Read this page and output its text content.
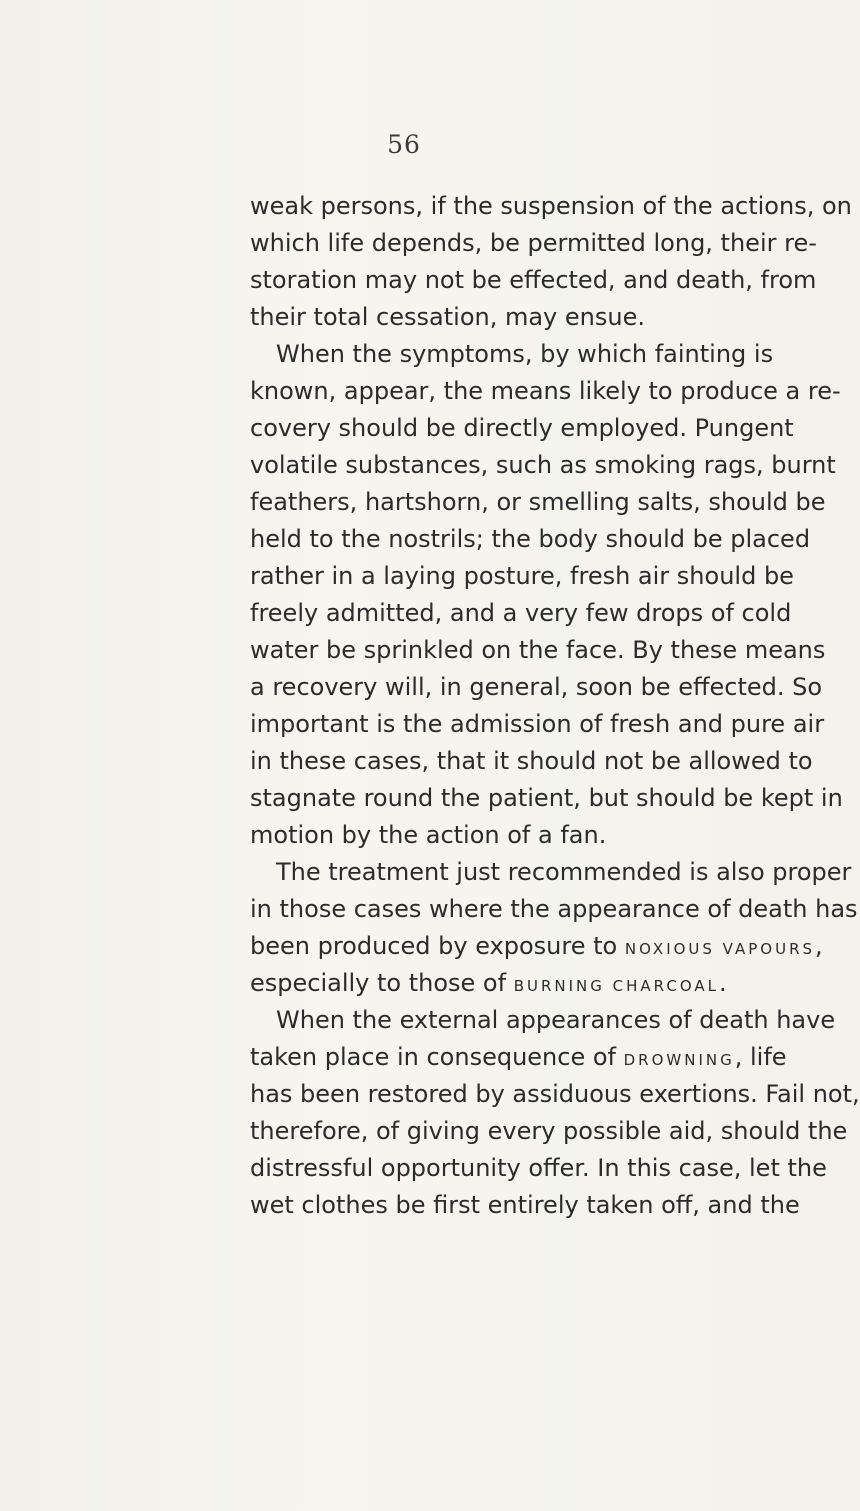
56
weak persons, if the suspension of the actions, on
which life depends, be permitted long, their re-
storation may not be effected, and death, from
their total cessation, may ensue.
When the symptoms, by which fainting is
known, appear, the means likely to produce a re-
covery should be directly employed. Pungent
volatile substances, such as smoking rags, burnt
feathers, hartshorn, or smelling salts, should be
held to the nostrils; the body should be placed
rather in a laying posture, fresh air should be
freely admitted, and a very few drops of cold
water be sprinkled on the face. By these means
a recovery will, in general, soon be effected. So
important is the admission of fresh and pure air
in these cases, that it should not be allowed to
stagnate round the patient, but should be kept in
motion by the action of a fan.
The treatment just recommended is also proper
in those cases where the appearance of death has
been produced by exposure to NOXIOUS VAPOURS,
especially to those of BURNING CHARCOAL.
When the external appearances of death have
taken place in consequence of DROWNING, life
has been restored by assiduous exertions. Fail not,
therefore, of giving every possible aid, should the
distressful opportunity offer. In this case, let the
wet clothes be first entirely taken off, and the
